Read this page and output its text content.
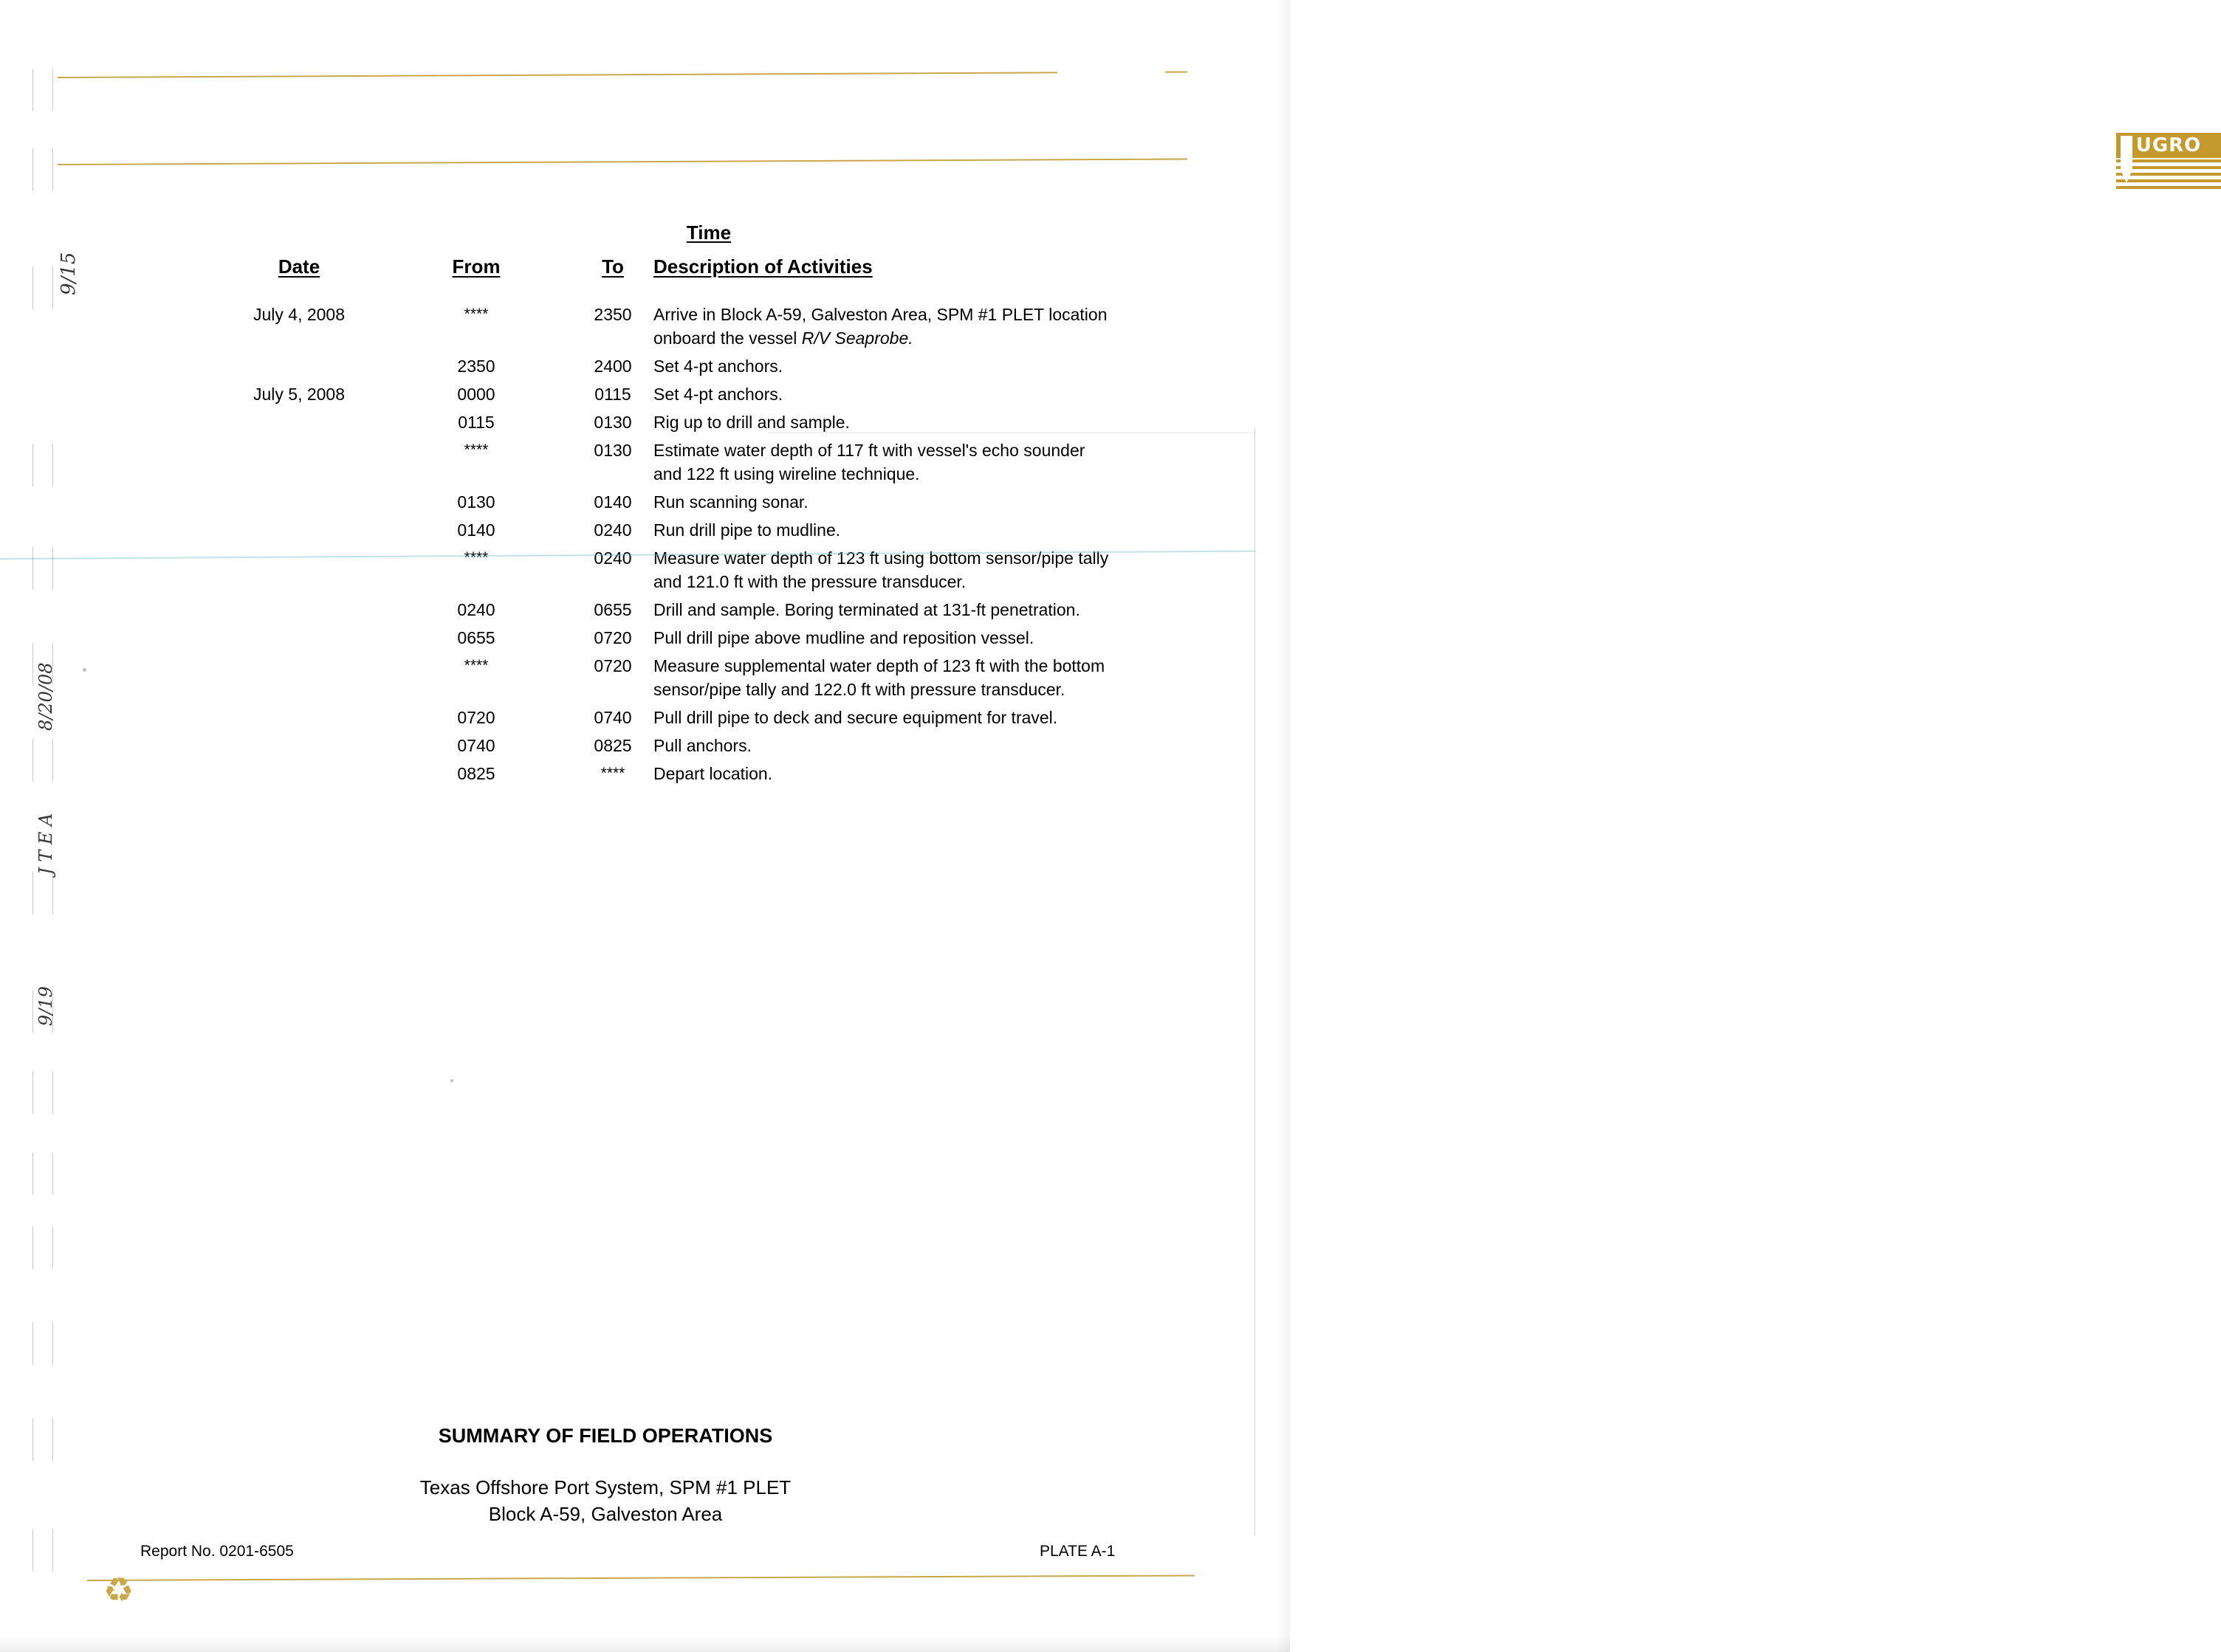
UGRO
Time
Date	From	To	Description of Activities
July 4, 2008	****	2350	Arrive in Block A-59, Galveston Area, SPM #1 PLET location onboard the vessel R/V Seaprobe.
2350	2400	Set 4-pt anchors.
July 5, 2008	0000	0115	Set 4-pt anchors.
0115	0130	Rig up to drill and sample.
****	0130	Estimate water depth of 117 ft with vessel's echo sounder and 122 ft using wireline technique.
0130	0140	Run scanning sonar.
0140	0240	Run drill pipe to mudline.
****	0240	Measure water depth of 123 ft using bottom sensor/pipe tally and 121.0 ft with the pressure transducer.
0240	0655	Drill and sample. Boring terminated at 131-ft penetration.
0655	0720	Pull drill pipe above mudline and reposition vessel.
****	0720	Measure supplemental water depth of 123 ft with the bottom sensor/pipe tally and 122.0 ft with pressure transducer.
0720	0740	Pull drill pipe to deck and secure equipment for travel.
0740	0825	Pull anchors.
0825	****	Depart location.
SUMMARY OF FIELD OPERATIONS
Texas Offshore Port System, SPM #1 PLET
Block A-59, Galveston Area
Report No. 0201-6505	PLATE A-1
♻
9/15
8/20/08
J T E A
9/19
